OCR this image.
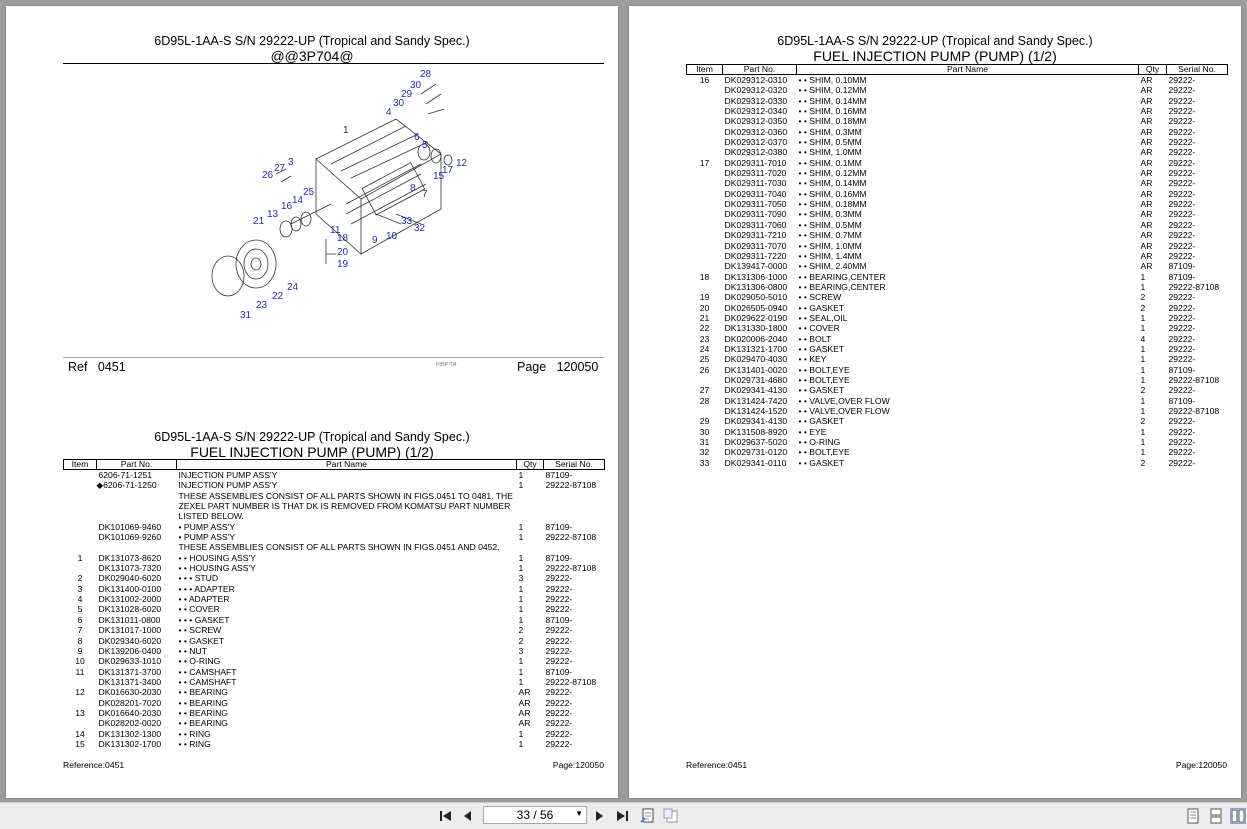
6D95L-1AA-S S/N 29222-UP (Tropical and Sandy Spec.)
@@3P704@
1
3
4
5
6
7
8
9 10
11
12
13
14
15
16
17
18
19
20
21
22
23
24
25
26
27
28
29
30
30
31
32
33
P85P704
Ref 0451	Page 120050
6D95L-1AA-S S/N 29222-UP (Tropical and Sandy Spec.)
FUEL INJECTION PUMP (PUMP) (1/2)
Item	Part No.	Part Name	Qty	Serial No.
	6206-71-1251	INJECTION PUMP ASS'Y	1	87109-
	◆6206-71-1250	INJECTION PUMP ASS'Y	1	29222-87108
		THESE ASSEMBLIES CONSIST OF ALL PARTS SHOWN IN FIGS.0451 TO 0481. THE ZEXEL PART NUMBER IS THAT DK IS REMOVED FROM KOMATSU PART NUMBER LISTED BELOW.		
	DK101069-9460	• PUMP ASS'Y	1	87109-
	DK101069-9260	• PUMP ASS'Y	1	29222-87108
		THESE ASSEMBLIES CONSIST OF ALL PARTS SHOWN IN FIGS.0451 AND 0452.		
1	DK131073-8620	• • HOUSING ASS'Y	1	87109-
	DK131073-7320	• • HOUSING ASS'Y	1	29222-87108
2	DK029040-6020	• • • STUD	3	29222-
3	DK131400-0100	• • • ADAPTER	1	29222-
4	DK131002-2000	• • ADAPTER	1	29222-
5	DK131028-6020	• • COVER	1	29222-
6	DK131011-0800	• • • GASKET	1	87109-
7	DK131017-1000	• • SCREW	2	29222-
8	DK029340-6020	• • GASKET	2	29222-
9	DK139206-0400	• • NUT	3	29222-
10	DK029633-1010	• • O-RING	1	29222-
11	DK131371-3700	• • CAMSHAFT	1	87109-
	DK131371-3400	• • CAMSHAFT	1	29222-87108
12	DK016630-2030	• • BEARING	AR	29222-
	DK028201-7020	• • BEARING	AR	29222-
13	DK016640-2030	• • BEARING	AR	29222-
	DK028202-0020	• • BEARING	AR	29222-
14	DK131302-1300	• • RING	1	29222-
15	DK131302-1700	• • RING	1	29222-
Reference:0451	Page:120050
6D95L-1AA-S S/N 29222-UP (Tropical and Sandy Spec.)
FUEL INJECTION PUMP (PUMP) (1/2)
Item	Part No.	Part Name	Qty	Serial No.
16	DK029312-0310	• • SHIM, 0.10MM	AR	29222-
	DK029312-0320	• • SHIM, 0.12MM	AR	29222-
	DK029312-0330	• • SHIM, 0.14MM	AR	29222-
	DK029312-0340	• • SHIM, 0.16MM	AR	29222-
	DK029312-0350	• • SHIM, 0.18MM	AR	29222-
	DK029312-0360	• • SHIM, 0.3MM	AR	29222-
	DK029312-0370	• • SHIM, 0.5MM	AR	29222-
	DK029312-0380	• • SHIM, 1.0MM	AR	29222-
17	DK029311-7010	• • SHIM, 0.1MM	AR	29222-
	DK029311-7020	• • SHIM, 0.12MM	AR	29222-
	DK029311-7030	• • SHIM, 0.14MM	AR	29222-
	DK029311-7040	• • SHIM, 0.16MM	AR	29222-
	DK029311-7050	• • SHIM, 0.18MM	AR	29222-
	DK029311-7090	• • SHIM, 0.3MM	AR	29222-
	DK029311-7060	• • SHIM, 0.5MM	AR	29222-
	DK029311-7210	• • SHIM, 0.7MM	AR	29222-
	DK029311-7070	• • SHIM, 1.0MM	AR	29222-
	DK029311-7220	• • SHIM, 1.4MM	AR	29222-
	DK139417-0000	• • SHIM, 2.40MM	AR	87109-
18	DK131306-1000	• • BEARING,CENTER	1	87109-
	DK131306-0800	• • BEARING,CENTER	1	29222-87108
19	DK029050-5010	• • SCREW	2	29222-
20	DK026505-0940	• • GASKET	2	29222-
21	DK029622-0190	• • SEAL,OIL	1	29222-
22	DK131330-1800	• • COVER	1	29222-
23	DK020006-2040	• • BOLT	4	29222-
24	DK131321-1700	• • GASKET	1	29222-
25	DK029470-4030	• • KEY	1	29222-
26	DK131401-0020	• • BOLT,EYE	1	87109-
	DK029731-4680	• • BOLT,EYE	1	29222-87108
27	DK029341-4130	• • GASKET	2	29222-
28	DK131424-7420	• • VALVE,OVER FLOW	1	87109-
	DK131424-1520	• • VALVE,OVER FLOW	1	29222-87108
29	DK029341-4130	• • GASKET	2	29222-
30	DK131508-8920	• • EYE	1	29222-
31	DK029637-5020	• • O-RING	1	29222-
32	DK029731-0120	• • BOLT,EYE	1	29222-
33	DK029341-0110	• • GASKET	2	29222-
Reference:0451	Page:120050
33 / 56	▼
